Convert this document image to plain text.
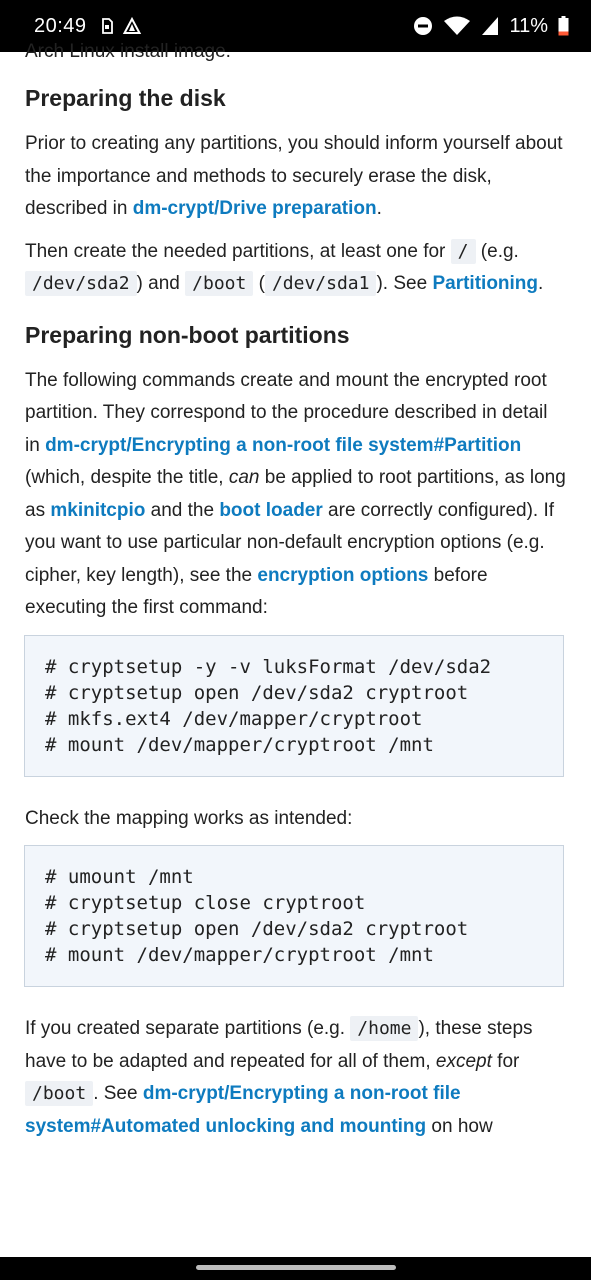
20:49	11%

Arch Linux install image.

Preparing the disk

Prior to creating any partitions, you should inform yourself about the importance and methods to securely erase the disk, described in dm-crypt/Drive preparation.

Then create the needed partitions, at least one for / (e.g. /dev/sda2 ) and /boot ( /dev/sda1 ). See Partitioning.

Preparing non-boot partitions

The following commands create and mount the encrypted root partition. They correspond to the procedure described in detail in dm-crypt/Encrypting a non-root file system#Partition (which, despite the title, can be applied to root partitions, as long as mkinitcpio and the boot loader are correctly configured). If you want to use particular non-default encryption options (e.g. cipher, key length), see the encryption options before executing the first command:

# cryptsetup -y -v luksFormat /dev/sda2
# cryptsetup open /dev/sda2 cryptroot
# mkfs.ext4 /dev/mapper/cryptroot
# mount /dev/mapper/cryptroot /mnt

Check the mapping works as intended:

# umount /mnt
# cryptsetup close cryptroot
# cryptsetup open /dev/sda2 cryptroot
# mount /dev/mapper/cryptroot /mnt

If you created separate partitions (e.g. /home ), these steps have to be adapted and repeated for all of them, except for /boot . See dm-crypt/Encrypting a non-root file system#Automated unlocking and mounting on how
